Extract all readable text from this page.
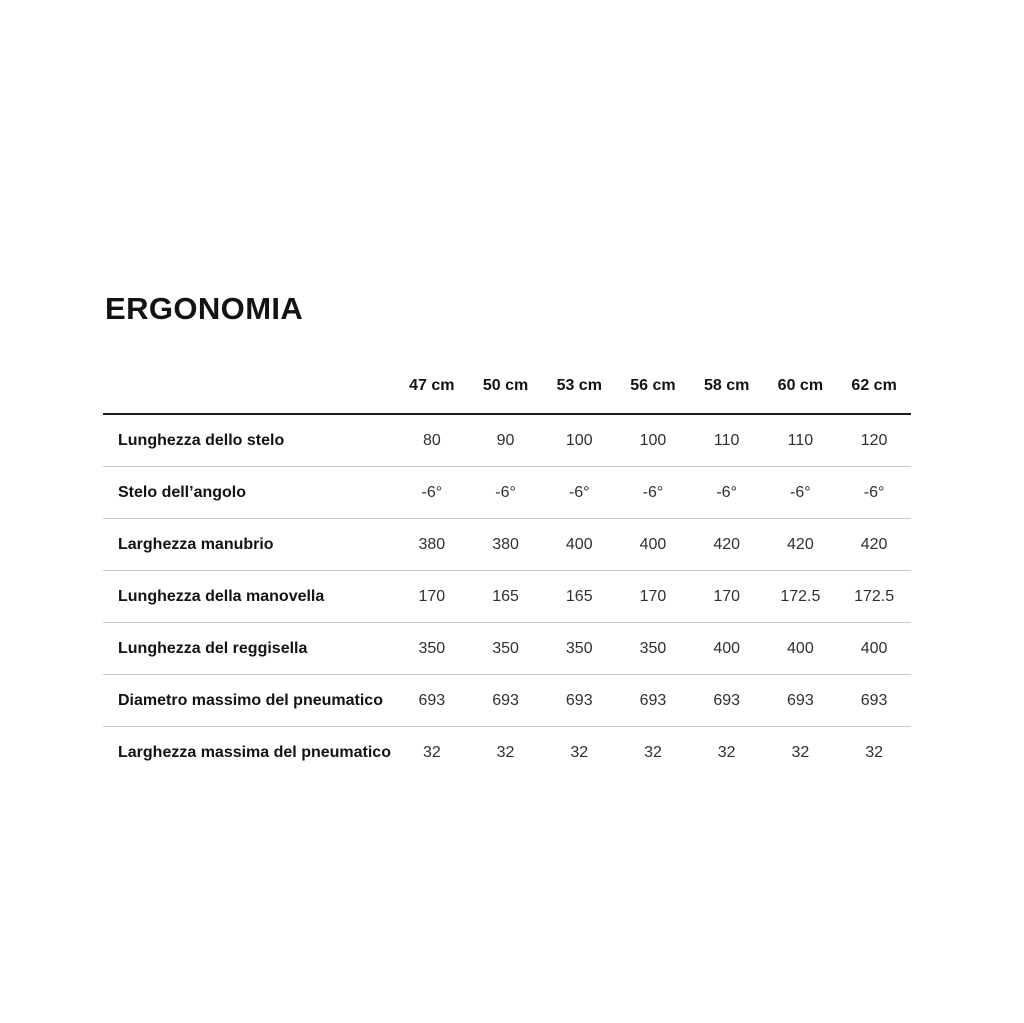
ERGONOMIA
	47 cm	50 cm	53 cm	56 cm	58 cm	60 cm	62 cm
Lunghezza dello stelo	80	90	100	100	110	110	120
Stelo dell’angolo	-6°	-6°	-6°	-6°	-6°	-6°	-6°
Larghezza manubrio	380	380	400	400	420	420	420
Lunghezza della manovella	170	165	165	170	170	172.5	172.5
Lunghezza del reggisella	350	350	350	350	400	400	400
Diametro massimo del pneumatico	693	693	693	693	693	693	693
Larghezza massima del pneumatico	32	32	32	32	32	32	32
